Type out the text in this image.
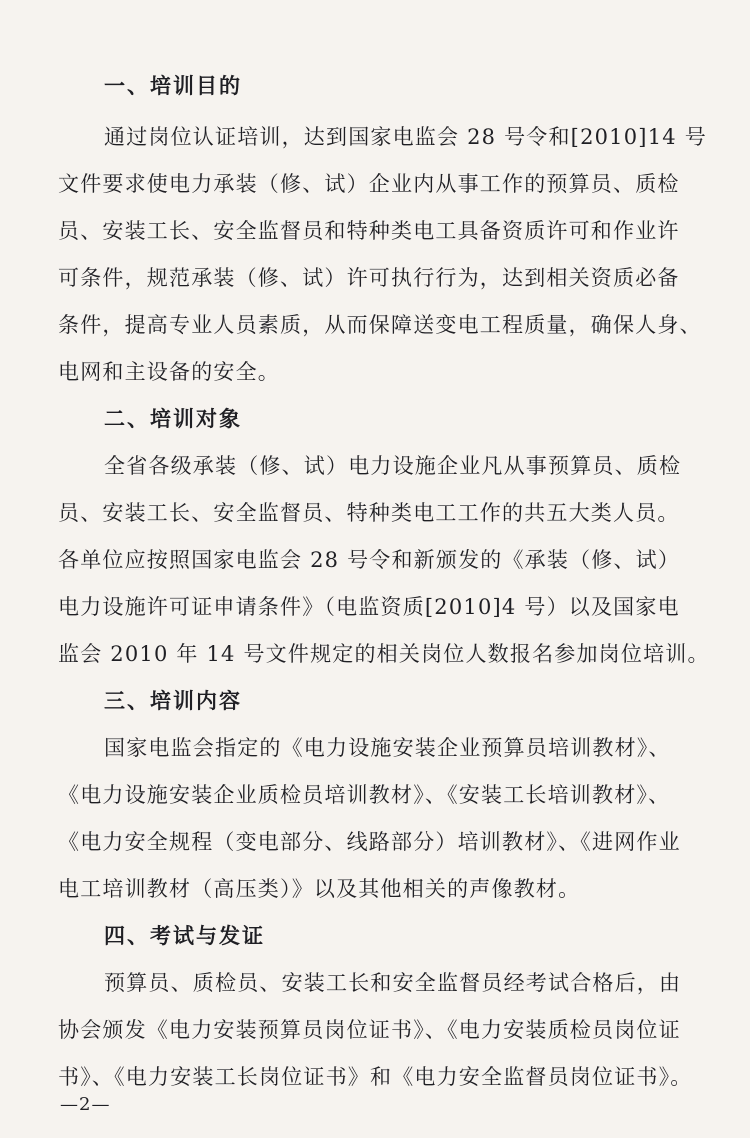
一、培训目的
通过岗位认证培训，达到国家电监会 28 号令和[2010]14 号
文件要求使电力承装（修、试）企业内从事工作的预算员、质检
员、安装工长、安全监督员和特种类电工具备资质许可和作业许
可条件，规范承装（修、试）许可执行行为，达到相关资质必备
条件，提高专业人员素质，从而保障送变电工程质量，确保人身、
电网和主设备的安全。
二、培训对象
全省各级承装（修、试）电力设施企业凡从事预算员、质检
员、安装工长、安全监督员、特种类电工工作的共五大类人员。
各单位应按照国家电监会 28 号令和新颁发的《承装（修、试）
电力设施许可证申请条件》（电监资质[2010]4 号）以及国家电
监会 2010 年 14 号文件规定的相关岗位人数报名参加岗位培训。
三、培训内容
国家电监会指定的《电力设施安装企业预算员培训教材》、
《电力设施安装企业质检员培训教材》、《安装工长培训教材》、
《电力安全规程（变电部分、线路部分）培训教材》、《进网作业
电工培训教材（高压类）》以及其他相关的声像教材。
四、考试与发证
预算员、质检员、安装工长和安全监督员经考试合格后，由
协会颁发《电力安装预算员岗位证书》、《电力安装质检员岗位证
书》、《电力安装工长岗位证书》和《电力安全监督员岗位证书》。
—2—
